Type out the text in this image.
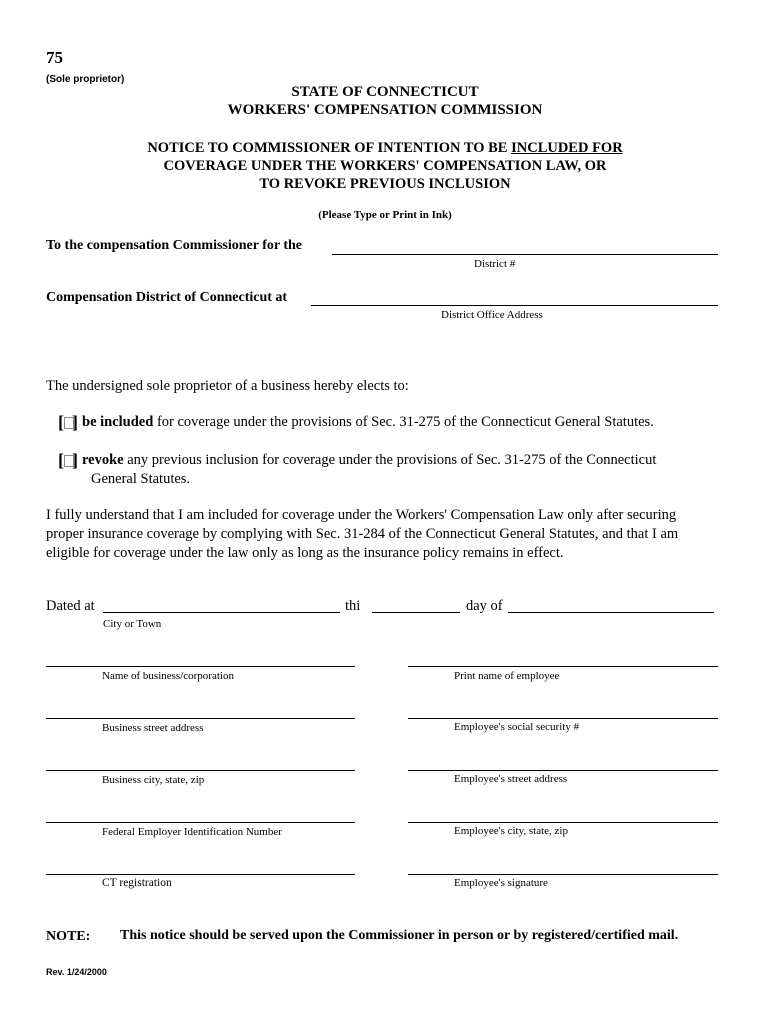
75
(Sole proprietor)
STATE OF CONNECTICUT
WORKERS' COMPENSATION COMMISSION
NOTICE TO COMMISSIONER OF INTENTION TO BE INCLUDED FOR
COVERAGE UNDER THE WORKERS' COMPENSATION LAW, OR
TO REVOKE PREVIOUS INCLUSION
(Please Type or Print in Ink)
To the compensation Commissioner for the
District #
Compensation District of Connecticut at
District Office Address
The undersigned sole proprietor of a business hereby elects to:
[ ] be included for coverage under the provisions of Sec. 31-275 of the Connecticut General Statutes.
[ ] revoke any previous inclusion for coverage under the provisions of Sec. 31-275 of the Connecticut
General Statutes.
I fully understand that I am included for coverage under the Workers' Compensation Law only after securing
proper insurance coverage by complying with Sec. 31-284 of the Connecticut General Statutes, and that I am
eligible for coverage under the law only as long as the insurance policy remains in effect.
Dated at	thi	day of
City or Town
Name of business/corporation
Business street address
Business city, state, zip
Federal Employer Identification Number
CT registration
Print name of employee
Employee's social security #
Employee's street address
Employee's city, state, zip
Employee's signature
NOTE: This notice should be served upon the Commissioner in person or by registered/certified mail.
Rev. 1/24/2000
